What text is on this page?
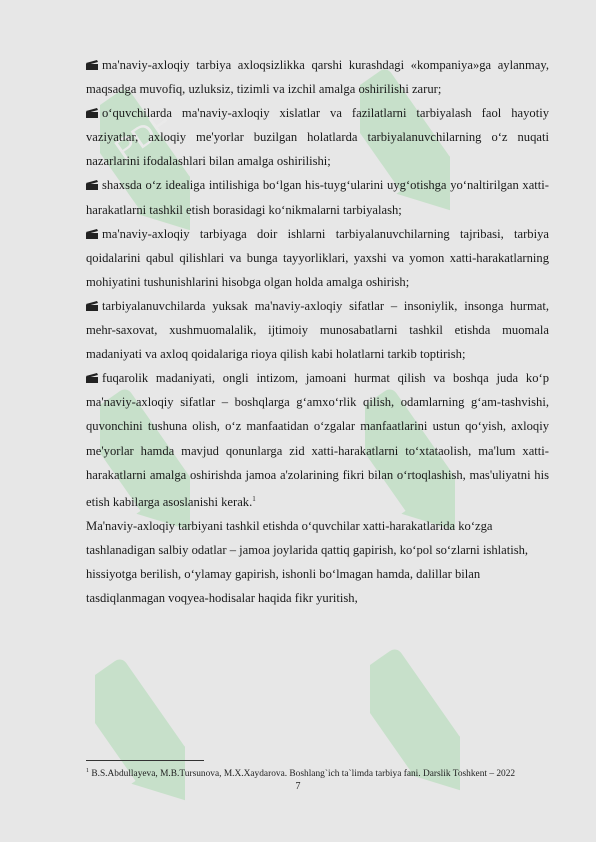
PDF

ma'naviy-axloqiy tarbiya axloqsizlikka qarshi kurashdagi «kompaniya»ga aylanmay, maqsadga muvofiq, uzluksiz, tizimli va izchil amalga oshirilishi zarur;

o‘quvchilarda ma'naviy-axloqiy xislatlar va fazilatlarni tarbiyalash faol hayotiy vaziyatlar, axloqiy me'yorlar buzilgan holatlarda tarbiyalanuvchilarning o‘z nuqati nazarlarini ifodalashlari bilan amalga oshirilishi;

shaxsda o‘z idealiga intilishiga bo‘lgan his-tuyg‘ularini uyg‘otishga yo‘naltirilgan xatti-harakatlarni tashkil etish borasidagi ko‘nikmalarni tarbiyalash;

ma'naviy-axloqiy tarbiyaga doir ishlarni tarbiyalanuvchilarning tajribasi, tarbiya qoidalarini qabul qilishlari va bunga tayyorliklari, yaxshi va yomon xatti-harakatlarning mohiyatini tushunishlarini hisobga olgan holda amalga oshirish;

tarbiyalanuvchilarda yuksak ma'naviy-axloqiy sifatlar – insoniylik, insonga hurmat, mehr-saxovat, xushmuomalalik, ijtimoiy munosabatlarni tashkil etishda muomala madaniyati va axloq qoidalariga rioya qilish kabi holatlarni tarkib toptirish;

fuqarolik madaniyati, ongli intizom, jamoani hurmat qilish va boshqa juda ko‘p ma'naviy-axloqiy sifatlar – boshqlarga g‘amxo‘rlik qilish, odamlarning g‘am-tashvishi, quvonchini tushuna olish, o‘z manfaatidan o‘zgalar manfaatlarini ustun qo‘yish, axloqiy me'yorlar hamda mavjud qonunlarga zid xatti-harakatlarni to‘xtataolish, ma'lum xatti-harakatlarni amalga oshirishda jamoa a'zolarining fikri bilan o‘rtoqlashish, mas'uliyatni his etish kabilarga asoslanishi kerak.$^1$

Ma'naviy-axloqiy tarbiyani tashkil etishda o‘quvchilar xatti-harakatlarida ko‘zga tashlanadigan salbiy odatlar – jamoa joylarida qattiq gapirish, ko‘pol so‘zlarni ishlatish, hissiyotga berilish, o‘ylamay gapirish, ishonli bo‘lmagan hamda, dalillar bilan tasdiqlanmagan voqyea-hodisalar haqida fikr yuritish,

$^1$ B.S.Abdullayeva, M.B.Tursunova, M.X.Xaydarova. Boshlang`ich ta`limda tarbiya fani. Darslik Toshkent – 2022
7
